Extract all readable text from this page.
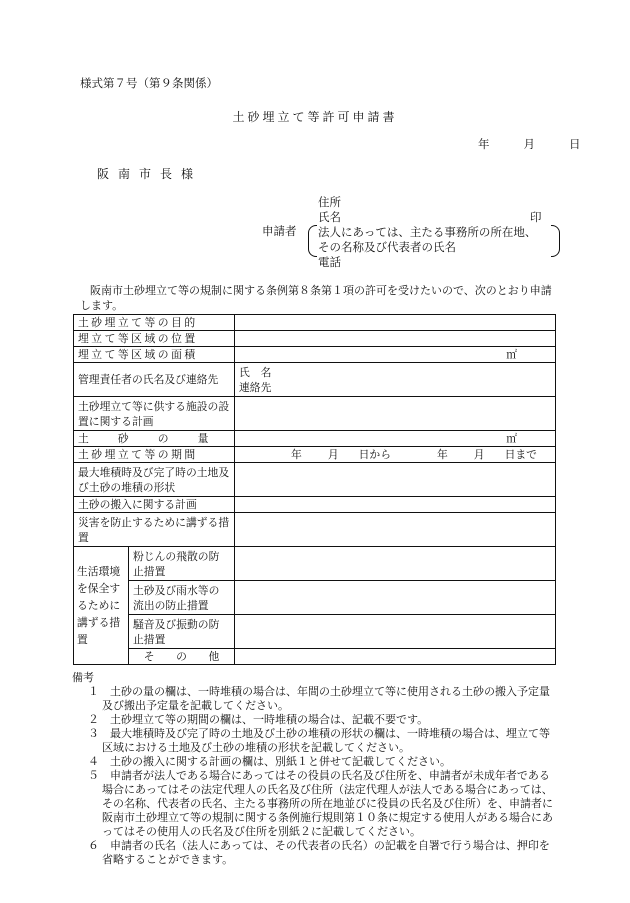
様式第７号（第９条関係）
土砂埋立て等許可申請書
年	月	日
阪南市長様
住所
氏名	印
申請者 法人にあっては、主たる事務所の所在地、
その名称及び代表者の氏名
電話
阪南市土砂埋立て等の規制に関する条例第８条第１項の許可を受けたいので、次のとおり申請します。
土砂埋立て等の目的		
埋立て等区域の位置		
埋立て等区域の面積		㎡
管理責任者の氏名及び連絡先		氏　名
連絡先

土砂埋立て等に供する施設の設置に関する計画		
土　　砂　　の　　量		㎡
土砂埋立て等の期間		年 月 日から 年 月 日まで
最大堆積時及び完了時の土地及び土砂の堆積の形状		
土砂の搬入に関する計画		
災害を防止するために講ずる措置		
生活環境を保全するために講ずる措置	粉じんの飛散の防止措置	
	土砂及び雨水等の流出の防止措置	
	騒音及び振動の防止措置	
	そ　　の　　他	
備考
１　土砂の量の欄は、一時堆積の場合は、年間の土砂埋立て等に使用される土砂の搬入予定量及び搬出予定量を記載してください。
２　土砂埋立て等の期間の欄は、一時堆積の場合は、記載不要です。
３　最大堆積時及び完了時の土地及び土砂の堆積の形状の欄は、一時堆積の場合は、埋立て等区域における土地及び土砂の堆積の形状を記載してください。
４　土砂の搬入に関する計画の欄は、別紙１と併せて記載してください。
５　申請者が法人である場合にあってはその役員の氏名及び住所を、申請者が未成年者である場合にあってはその法定代理人の氏名及び住所（法定代理人が法人である場合にあっては、その名称、代表者の氏名、主たる事務所の所在地並びに役員の氏名及び住所）を、申請者に阪南市土砂埋立て等の規制に関する条例施行規則第１０条に規定する使用人がある場合にあってはその使用人の氏名及び住所を別紙２に記載してください。
６　申請者の氏名（法人にあっては、その代表者の氏名）の記載を自署で行う場合は、押印を省略することができます。
